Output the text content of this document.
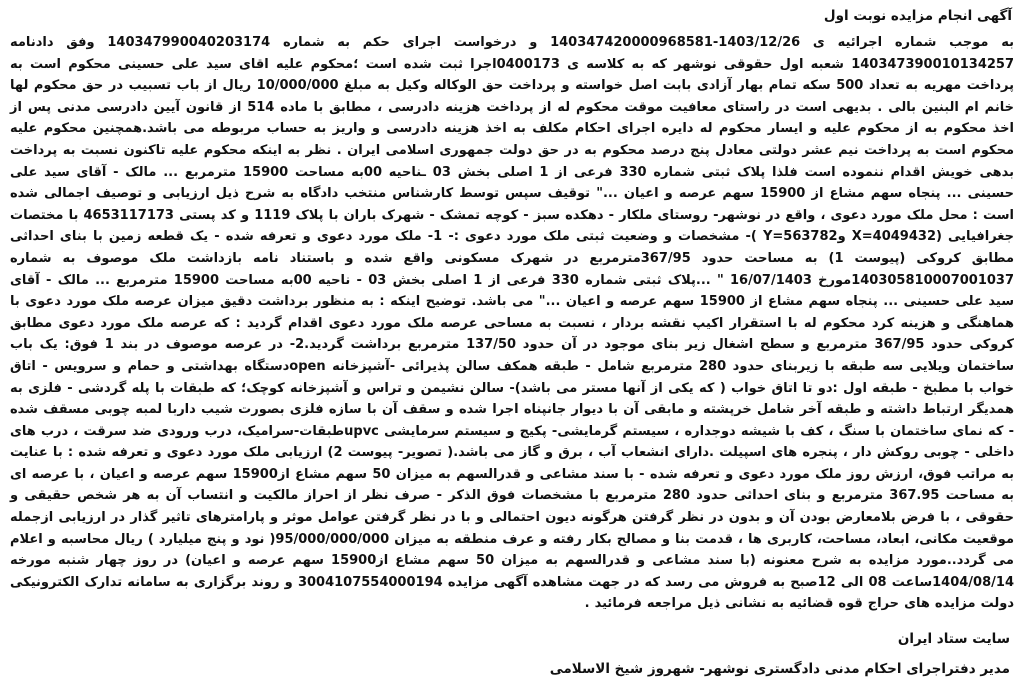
آگهی انجام مزایده نوبت اول

به موجب شماره اجرائیه ی 1403/12/26-140347420000968581 و درخواست اجرای حکم به شماره 140347990040203174 وفق دادنامه 140347390010134257 شعبه اول حقوقی نوشهر که به کلاسه ی 0400173اجرا ثبت شده است ؛محکوم علیه اقای سید علی حسینی محکوم است به پرداخت مهریه به تعداد 500 سکه تمام بهار آزادی بابت اصل خواسته و پرداخت حق الوکاله وکیل به مبلغ 10/000/000 ریال از باب تسبیب در حق محکوم لها خانم ام البنین بالی . بدیهی است در راستای معافیت موقت محکوم له از پرداخت هزینه دادرسی ، مطابق با ماده 514 از قانون آیین دادرسی مدنی پس از اخذ محکوم به از محکوم علیه و ایسار محکوم له دایره اجرای احکام مکلف به اخذ هزینه دادرسی و واریز به حساب مربوطه می باشد.همچنین محکوم علیه محکوم است به پرداخت نیم عشر دولتی معادل پنج درصد محکوم به در حق دولت جمهوری اسلامی ایران . نظر به اینکه محکوم علیه تاکنون نسبت به پرداخت بدهی خویش اقدام ننموده است فلذا پلاک ثبتی شماره 330 فرعی از 1 اصلی بخش 03 ـناحیه 00به مساحت 15900 مترمربع ... مالک - آقای سید علی حسینی ... پنجاه سهم مشاع از 15900 سهم عرصه و اعیان ..." توقیف سپس توسط کارشناس منتخب دادگاه به شرح ذیل ارزیابی و توصیف اجمالی شده است : محل ملک مورد دعوی ، واقع در نوشهر- روستای ملکار - دهکده سبز - کوچه تمشک - شهرک باران با پلاک 1119 و کد پستی 4653117173 با مختصات جغرافیایی (X=4049432 وY=563782 )- مشخصات و وضعیت ثبتی ملک مورد دعوی :- 1- ملک مورد دعوی و تعرفه شده - یک قطعه زمین با بنای احداثی مطابق کروکی (پیوست 1) به مساحت حدود 367/95مترمربع در شهرک مسکونی واقع شده و باستناد نامه بازداشت ملک موصوف به شماره 140305810007001037مورخ 16/07/1403 " ...پلاک ثبتی شماره 330 فرعی از 1 اصلی بخش 03 - ناحیه 00به مساحت 15900 مترمربع ... مالک - آقای سید علی حسینی ... پنجاه سهم مشاع از 15900 سهم عرصه و اعیان ..." می باشد. توضیح اینکه : به منظور برداشت دقیق میزان عرصه ملک مورد دعوی با هماهنگی و هزینه کرد محکوم له با استقرار اکیپ نقشه بردار ، نسبت به مساحی عرصه ملک مورد دعوی اقدام گردید : که عرصه ملک مورد دعوی مطابق کروکی حدود 367/95 مترمربع و سطح اشغال زیر بنای موجود در آن حدود 137/50 مترمربع برداشت گردید.2- در عرصه موصوف در بند 1 فوق: یک باب ساختمان ویلایی سه طبقه با زیربنای حدود 280 مترمربع شامل - طبقه همکف سالن پذیرائی -آشپزخانه openدستگاه بهداشتی و حمام و سرویس - اتاق خواب با مطبخ - طبقه اول :دو تا اتاق خواب ( که یکی از آنها مستر می باشد)- سالن نشیمن و تراس و آشپزخانه کوچک؛ که طبقات با پله گردشی - فلزی به همدیگر ارتباط داشته و طبقه آخر شامل خرپشته و مابقی آن با دیوار جانپناه اجرا شده و سقف آن با سازه فلزی بصورت شیب داربا لمبه چوبی مسقف شده - که نمای ساختمان با سنگ ، کف با شیشه دوجداره ، سیستم گرمایشی- پکیج و سیستم سرمایشی upvcطبقات-سرامیک، درب ورودی ضد سرقت ، درب های داخلی - چوبی روکش دار ، پنجره های اسپیلت .دارای انشعاب آب ، برق و گاز می باشد.( تصویر- پیوست 2) ارزیابی ملک مورد دعوی و تعرفه شده : با عنایت به مراتب فوق، ارزش روز ملک مورد دعوی و تعرفه شده - با سند مشاعی و قدرالسهم به میزان 50 سهم مشاع از15900 سهم عرصه و اعیان ، با عرصه ای به مساحت 367.95 مترمربع و بنای احداثی حدود 280 مترمربع با مشخصات فوق الذکر - صرف نظر از احراز مالکیت و انتساب آن به هر شخص حقیقی و حقوقی ، با فرض بلامعارض بودن آن و بدون در نظر گرفتن هرگونه دیون احتمالی و با در نظر گرفتن عوامل موثر و پارامترهای تاثیر گذار در ارزیابی ازجمله موقعیت مکانی، ابعاد، مساحت، کاربری ها ، قدمت بنا و مصالح بکار رفته و عرف منطقه به میزان 95/000/000/000( نود و پنج میلیارد ) ریال محاسبه و اعلام می گردد..مورد مزایده به شرح معنونه (با سند مشاعی و قدرالسهم به میزان 50 سهم مشاع از15900 سهم عرصه و اعیان) در روز چهار شنبه مورخه 1404/08/14ساعت 08 الی 12صبح به فروش می رسد که در جهت مشاهده آگهی مزایده 3004107554000194 و روند برگزاری به سامانه تدارک الکترونیکی دولت مزایده های حراج قوه قضائیه به نشانی ذیل مراجعه فرمائید .

سایت ستاد ایران
مدیر دفتراجرای احکام مدنی دادگستری نوشهر- شهروز شیخ الاسلامی
